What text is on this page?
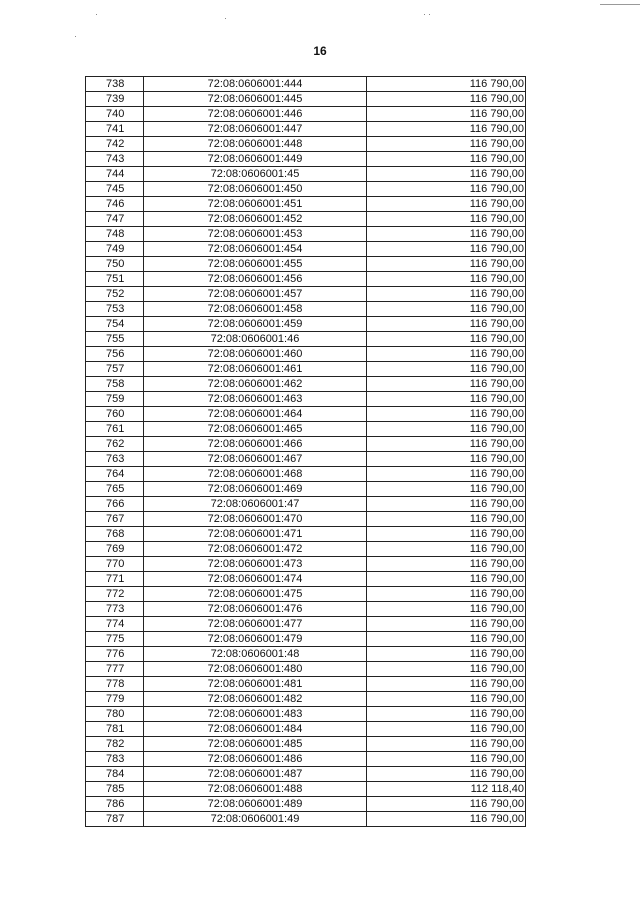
16
738	72:08:0606001:444	116 790,00
739	72:08:0606001:445	116 790,00
740	72:08:0606001:446	116 790,00
741	72:08:0606001:447	116 790,00
742	72:08:0606001:448	116 790,00
743	72:08:0606001:449	116 790,00
744	72:08:0606001:45	116 790,00
745	72:08:0606001:450	116 790,00
746	72:08:0606001:451	116 790,00
747	72:08:0606001:452	116 790,00
748	72:08:0606001:453	116 790,00
749	72:08:0606001:454	116 790,00
750	72:08:0606001:455	116 790,00
751	72:08:0606001:456	116 790,00
752	72:08:0606001:457	116 790,00
753	72:08:0606001:458	116 790,00
754	72:08:0606001:459	116 790,00
755	72:08:0606001:46	116 790,00
756	72:08:0606001:460	116 790,00
757	72:08:0606001:461	116 790,00
758	72:08:0606001:462	116 790,00
759	72:08:0606001:463	116 790,00
760	72:08:0606001:464	116 790,00
761	72:08:0606001:465	116 790,00
762	72:08:0606001:466	116 790,00
763	72:08:0606001:467	116 790,00
764	72:08:0606001:468	116 790,00
765	72:08:0606001:469	116 790,00
766	72:08:0606001:47	116 790,00
767	72:08:0606001:470	116 790,00
768	72:08:0606001:471	116 790,00
769	72:08:0606001:472	116 790,00
770	72:08:0606001:473	116 790,00
771	72:08:0606001:474	116 790,00
772	72:08:0606001:475	116 790,00
773	72:08:0606001:476	116 790,00
774	72:08:0606001:477	116 790,00
775	72:08:0606001:479	116 790,00
776	72:08:0606001:48	116 790,00
777	72:08:0606001:480	116 790,00
778	72:08:0606001:481	116 790,00
779	72:08:0606001:482	116 790,00
780	72:08:0606001:483	116 790,00
781	72:08:0606001:484	116 790,00
782	72:08:0606001:485	116 790,00
783	72:08:0606001:486	116 790,00
784	72:08:0606001:487	116 790,00
785	72:08:0606001:488	112 118,40
786	72:08:0606001:489	116 790,00
787	72:08:0606001:49	116 790,00
